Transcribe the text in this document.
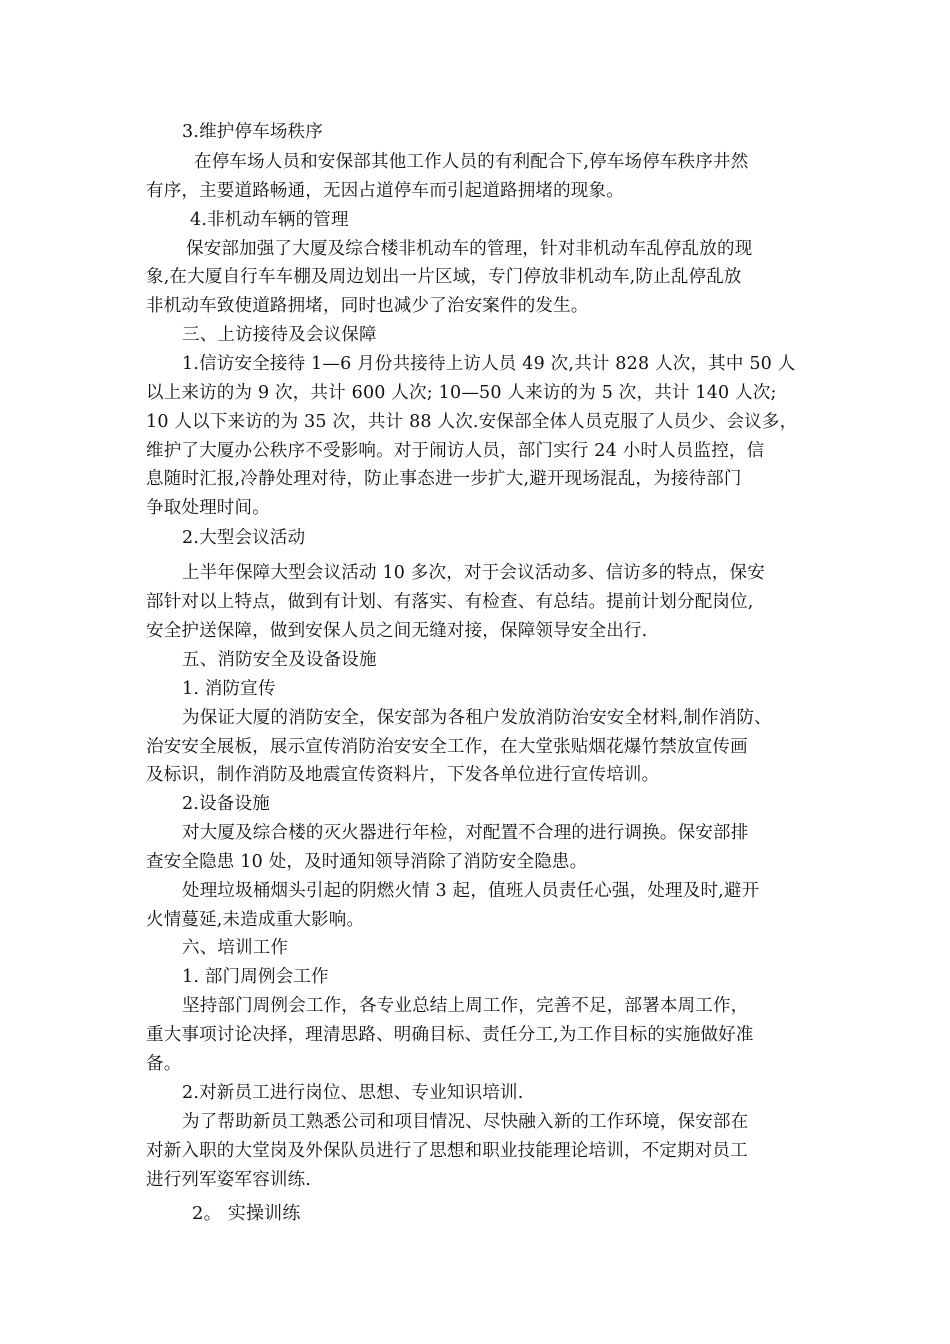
3.维护停车场秩序
在停车场人员和安保部其他工作人员的有利配合下,停车场停车秩序井然
有序，主要道路畅通，无因占道停车而引起道路拥堵的现象。
4.非机动车辆的管理
保安部加强了大厦及综合楼非机动车的管理，针对非机动车乱停乱放的现
象,在大厦自行车车棚及周边划出一片区域，专门停放非机动车,防止乱停乱放
非机动车致使道路拥堵，同时也减少了治安案件的发生。
三、上访接待及会议保障
1.信访安全接待 1—6 月份共接待上访人员 49 次,共计 828 人次，其中 50 人
以上来访的为 9 次，共计 600 人次; 10—50 人来访的为 5 次，共计 140 人次;
10 人以下来访的为 35 次，共计 88 人次.安保部全体人员克服了人员少、会议多，
维护了大厦办公秩序不受影响。对于闹访人员，部门实行 24 小时人员监控，信
息随时汇报,冷静处理对待，防止事态进一步扩大,避开现场混乱，为接待部门
争取处理时间。
2.大型会议活动
上半年保障大型会议活动 10 多次，对于会议活动多、信访多的特点，保安
部针对以上特点，做到有计划、有落实、有检查、有总结。提前计划分配岗位,
安全护送保障，做到安保人员之间无缝对接，保障领导安全出行.
五、消防安全及设备设施
1. 消防宣传
为保证大厦的消防安全，保安部为各租户发放消防治安安全材料,制作消防、
治安安全展板，展示宣传消防治安安全工作，在大堂张贴烟花爆竹禁放宣传画
及标识，制作消防及地震宣传资料片，下发各单位进行宣传培训。
2.设备设施
对大厦及综合楼的灭火器进行年检，对配置不合理的进行调换。保安部排
查安全隐患 10 处，及时通知领导消除了消防安全隐患。
处理垃圾桶烟头引起的阴燃火情 3 起，值班人员责任心强，处理及时,避开
火情蔓延,未造成重大影响。
六、培训工作
1. 部门周例会工作
坚持部门周例会工作，各专业总结上周工作，完善不足，部署本周工作，
重大事项讨论决择，理清思路、明确目标、责任分工,为工作目标的实施做好准
备。
2.对新员工进行岗位、思想、专业知识培训.
为了帮助新员工熟悉公司和项目情况、尽快融入新的工作环境，保安部在
对新入职的大堂岗及外保队员进行了思想和职业技能理论培训，不定期对员工
进行列军姿军容训练.
2。 实操训练
